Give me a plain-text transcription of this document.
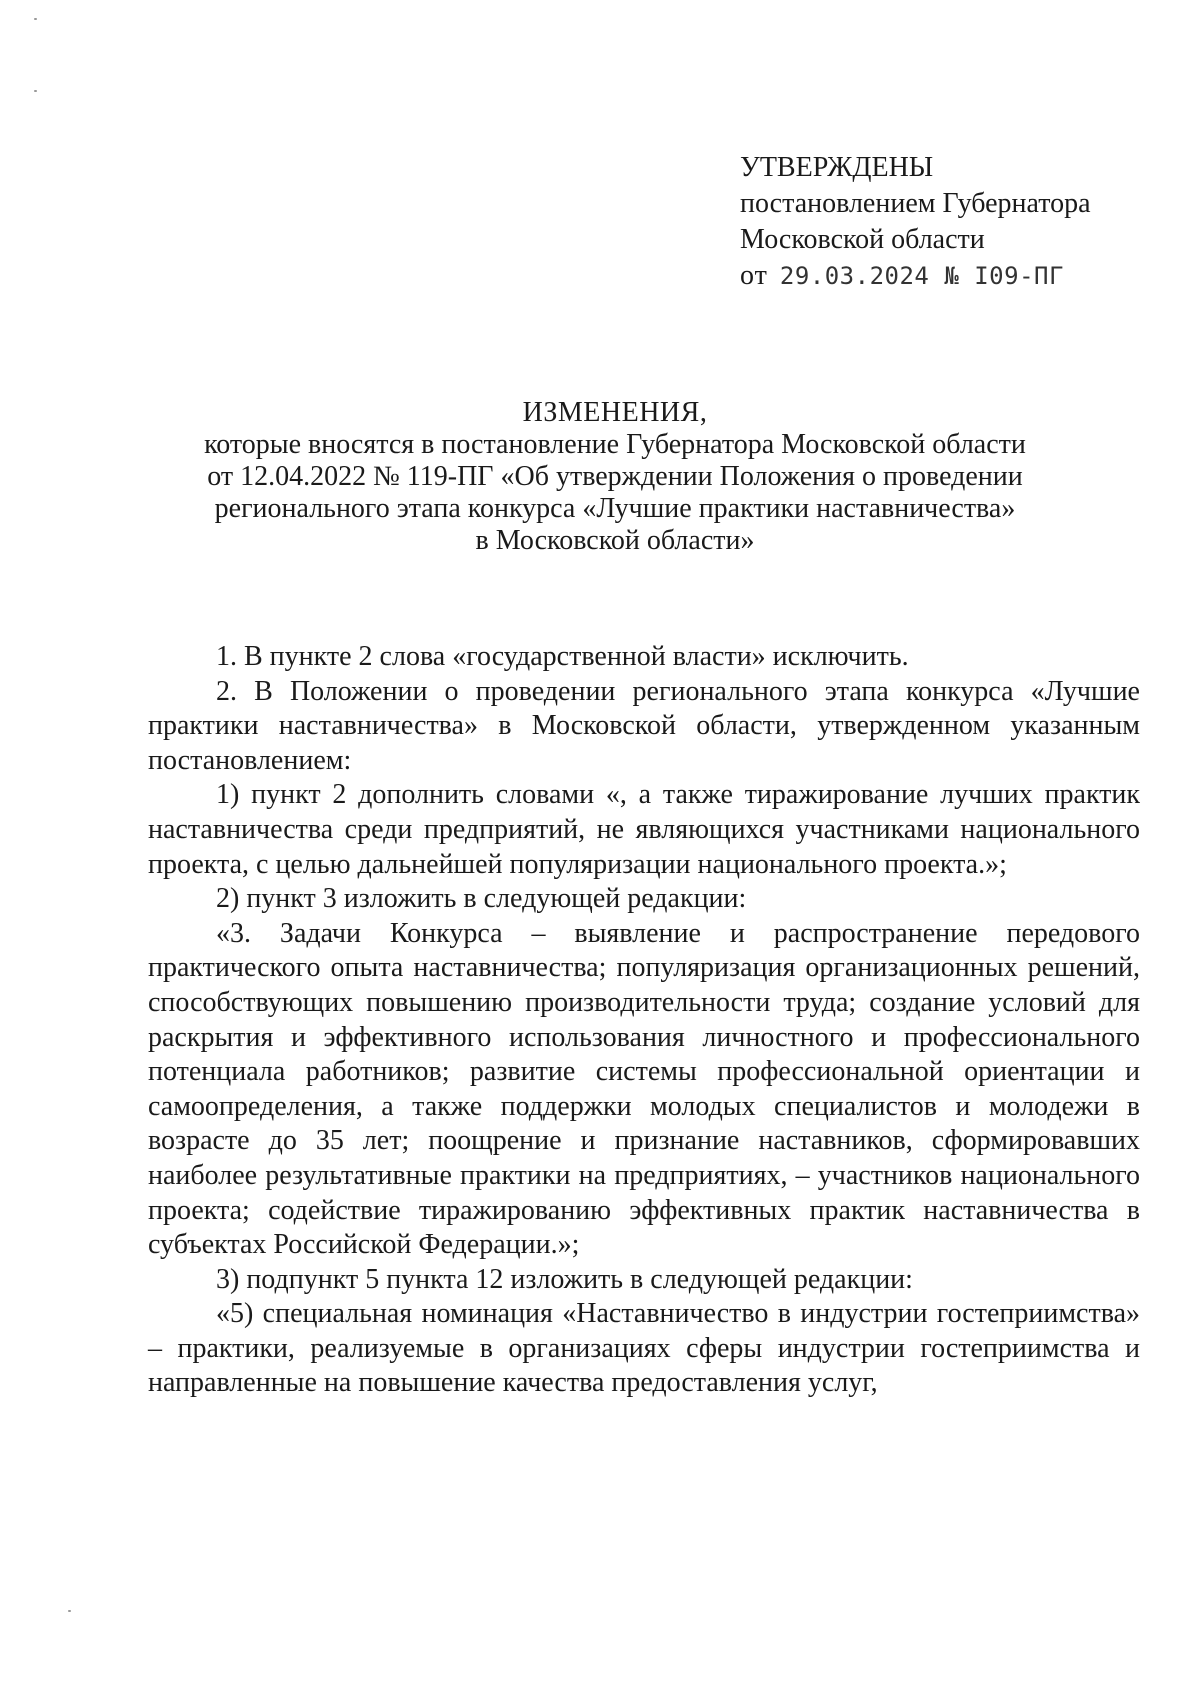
УТВЕРЖДЕНЫ
постановлением Губернатора
Московской области
от 29.03.2024 № I09-ПГ
ИЗМЕНЕНИЯ,
которые вносятся в постановление Губернатора Московской области
от 12.04.2022 № 119-ПГ «Об утверждении Положения о проведении
регионального этапа конкурса «Лучшие практики наставничества»
в Московской области»

1. В пункте 2 слова «государственной власти» исключить.

2. В Положении о проведении регионального этапа конкурса «Лучшие практики наставничества» в Московской области, утвержденном указанным постановлением:

1) пункт 2 дополнить словами «, а также тиражирование лучших практик наставничества среди предприятий, не являющихся участниками национального проекта, с целью дальнейшей популяризации национального проекта.»;

2) пункт 3 изложить в следующей редакции:

«3. Задачи Конкурса – выявление и распространение передового практического опыта наставничества; популяризация организационных решений, способствующих повышению производительности труда; создание условий для раскрытия и эффективного использования личностного и профессионального потенциала работников; развитие системы профессиональной ориентации и самоопределения, а также поддержки молодых специалистов и молодежи в возрасте до 35 лет; поощрение и признание наставников, сформировавших наиболее результативные практики на предприятиях, – участников национального проекта; содействие тиражированию эффективных практик наставничества в субъектах Российской Федерации.»;

3) подпункт 5 пункта 12 изложить в следующей редакции:

«5) специальная номинация «Наставничество в индустрии гостеприимства» – практики, реализуемые в организациях сферы индустрии гостеприимства и направленные на повышение качества предоставления услуг,
